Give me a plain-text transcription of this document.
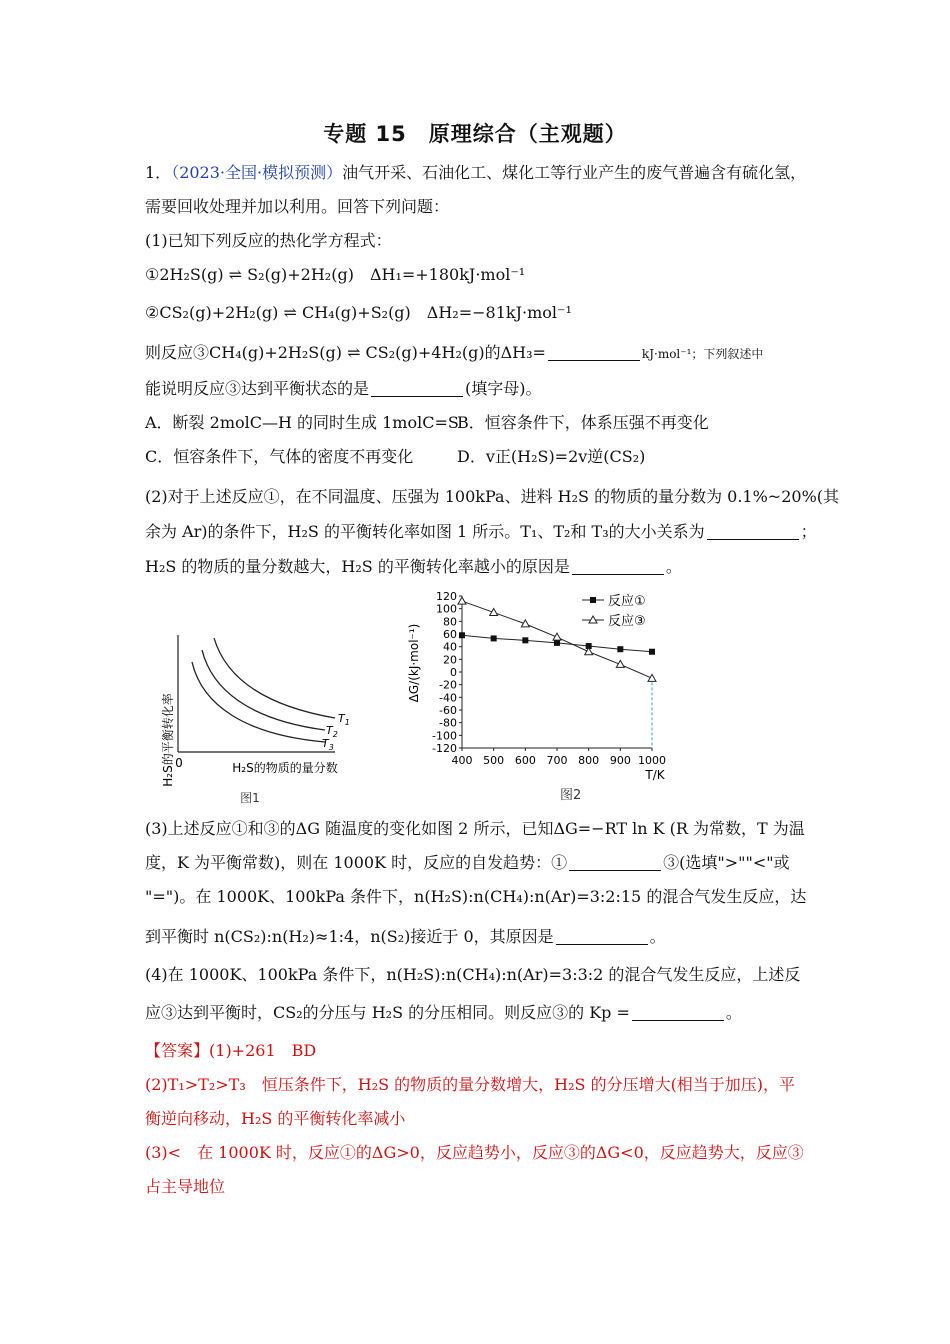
专题 15　原理综合（主观题）
1．（2023·全国·模拟预测）油气开采、石油化工、煤化工等行业产生的废气普遍含有硫化氢，
需要回收处理并加以利用。回答下列问题：
(1)已知下列反应的热化学方程式：
①2H₂S(g) ⇌ S₂(g)+2H₂(g)　ΔH₁=+180kJ·mol⁻¹
②CS₂(g)+2H₂(g) ⇌ CH₄(g)+S₂(g)　ΔH₂=−81kJ·mol⁻¹
则反应③CH₄(g)+2H₂S(g) ⇌ CS₂(g)+4H₂(g)的ΔH₃=	kJ·mol⁻¹；下列叙述中
能说明反应③达到平衡状态的是	(填字母)。
A．断裂 2molC—H 的同时生成 1molC=S
B．恒容条件下，体系压强不再变化
C．恒容条件下，气体的密度不再变化	D．v正(H₂S)=2v逆(CS₂)
(2)对于上述反应①，在不同温度、压强为 100kPa、进料 H₂S 的物质的量分数为 0.1%~20%(其
余为 Ar)的条件下，H₂S 的平衡转化率如图 1 所示。T₁、T₂和 T₃的大小关系为	；
H₂S 的物质的量分数越大，H₂S 的平衡转化率越小的原因是	。
H₂S的平衡转化率 0	H₂S的物质的量分数
$T_1$
$T_2$
$T_3$
图1
ΔG/(kJ·mol⁻¹)
T/K
120
100
80
60
40
20
0
-20
-40
-60
-80
-100
-120
400 500 600 700 800 900 1000
反应①
反应③
图2
(3)上述反应①和③的ΔG 随温度的变化如图 2 所示，已知ΔG=−RT ln K (R 为常数，T 为温
度，K 为平衡常数)，则在 1000K 时，反应的自发趋势：①	③(选填">""<"或
"=")。在 1000K、100kPa 条件下，n(H₂S):n(CH₄):n(Ar)=3:2:15 的混合气发生反应，达
到平衡时 n(CS₂):n(H₂)≈1:4，n(S₂)接近于 0，其原因是	。
(4)在 1000K、100kPa 条件下，n(H₂S):n(CH₄):n(Ar)=3:3:2 的混合气发生反应，上述反
应③达到平衡时，CS₂的分压与 H₂S 的分压相同。则反应③的 Kp =	。
【答案】(1)+261　BD
(2)T₁>T₂>T₃　恒压条件下，H₂S 的物质的量分数增大，H₂S 的分压增大(相当于加压)，平
衡逆向移动，H₂S 的平衡转化率减小
(3)<　在 1000K 时，反应①的ΔG>0，反应趋势小，反应③的ΔG<0，反应趋势大，反应③
占主导地位
